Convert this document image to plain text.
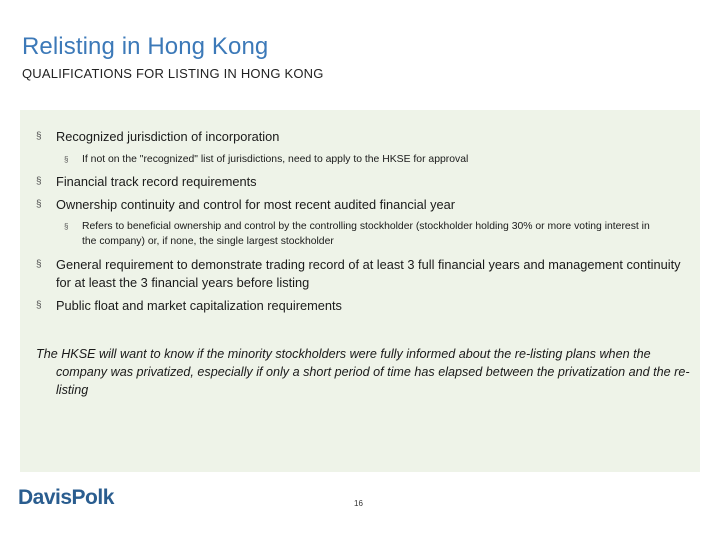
Relisting in Hong Kong

QUALIFICATIONS FOR LISTING IN HONG KONG

§	Recognized jurisdiction of incorporation
§	If not on the "recognized" list of jurisdictions, need to apply to the HKSE for approval
§	Financial track record requirements
§	Ownership continuity and control for most recent audited financial year
§	Refers to beneficial ownership and control by the controlling stockholder (stockholder holding 30% or more voting interest in the company) or, if none, the single largest stockholder
§	General requirement to demonstrate trading record of at least 3 full financial years and management continuity for at least the 3 financial years before listing
§	Public float and market capitalization requirements

The HKSE will want to know if the minority stockholders were fully informed about the re-listing plans when the company was privatized, especially if only a short period of time has elapsed between the privatization and the re-listing

DavisPolk	16
